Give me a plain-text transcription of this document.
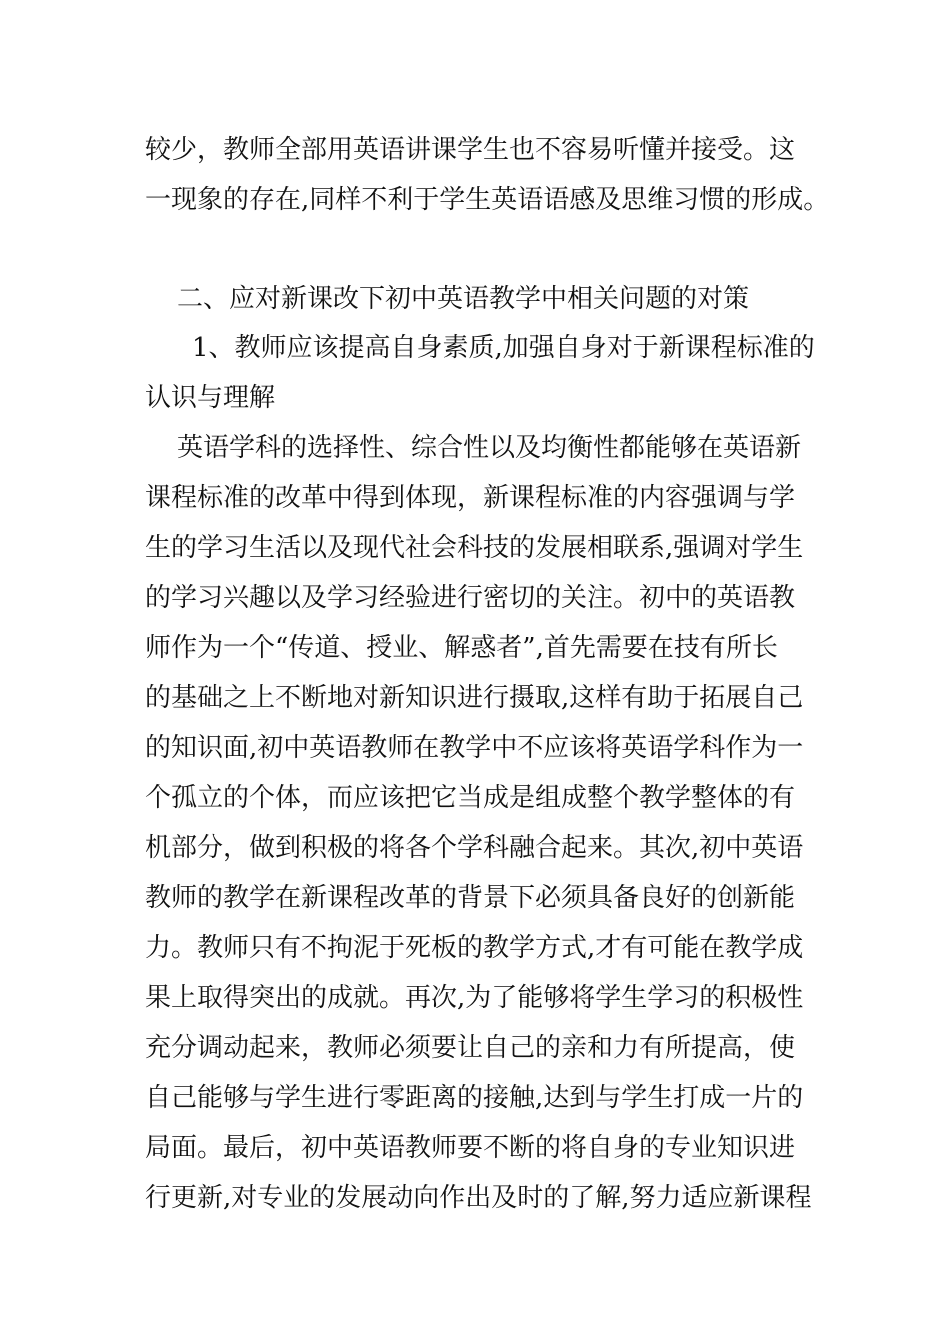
较少，教师全部用英语讲课学生也不容易听懂并接受。这
一现象的存在,同样不利于学生英语语感及思维习惯的形成。
二、应对新课改下初中英语教学中相关问题的对策
1、教师应该提高自身素质,加强自身对于新课程标准的
认识与理解
英语学科的选择性、综合性以及均衡性都能够在英语新
课程标准的改革中得到体现，新课程标准的内容强调与学
生的学习生活以及现代社会科技的发展相联系,强调对学生
的学习兴趣以及学习经验进行密切的关注。初中的英语教
师作为一个“传道、授业、解惑者”,首先需要在技有所长
的基础之上不断地对新知识进行摄取,这样有助于拓展自己
的知识面,初中英语教师在教学中不应该将英语学科作为一
个孤立的个体，而应该把它当成是组成整个教学整体的有
机部分，做到积极的将各个学科融合起来。其次,初中英语
教师的教学在新课程改革的背景下必须具备良好的创新能
力。教师只有不拘泥于死板的教学方式,才有可能在教学成
果上取得突出的成就。再次,为了能够将学生学习的积极性
充分调动起来，教师必须要让自己的亲和力有所提高，使
自己能够与学生进行零距离的接触,达到与学生打成一片的
局面。最后，初中英语教师要不断的将自身的专业知识进
行更新,对专业的发展动向作出及时的了解,努力适应新课程
